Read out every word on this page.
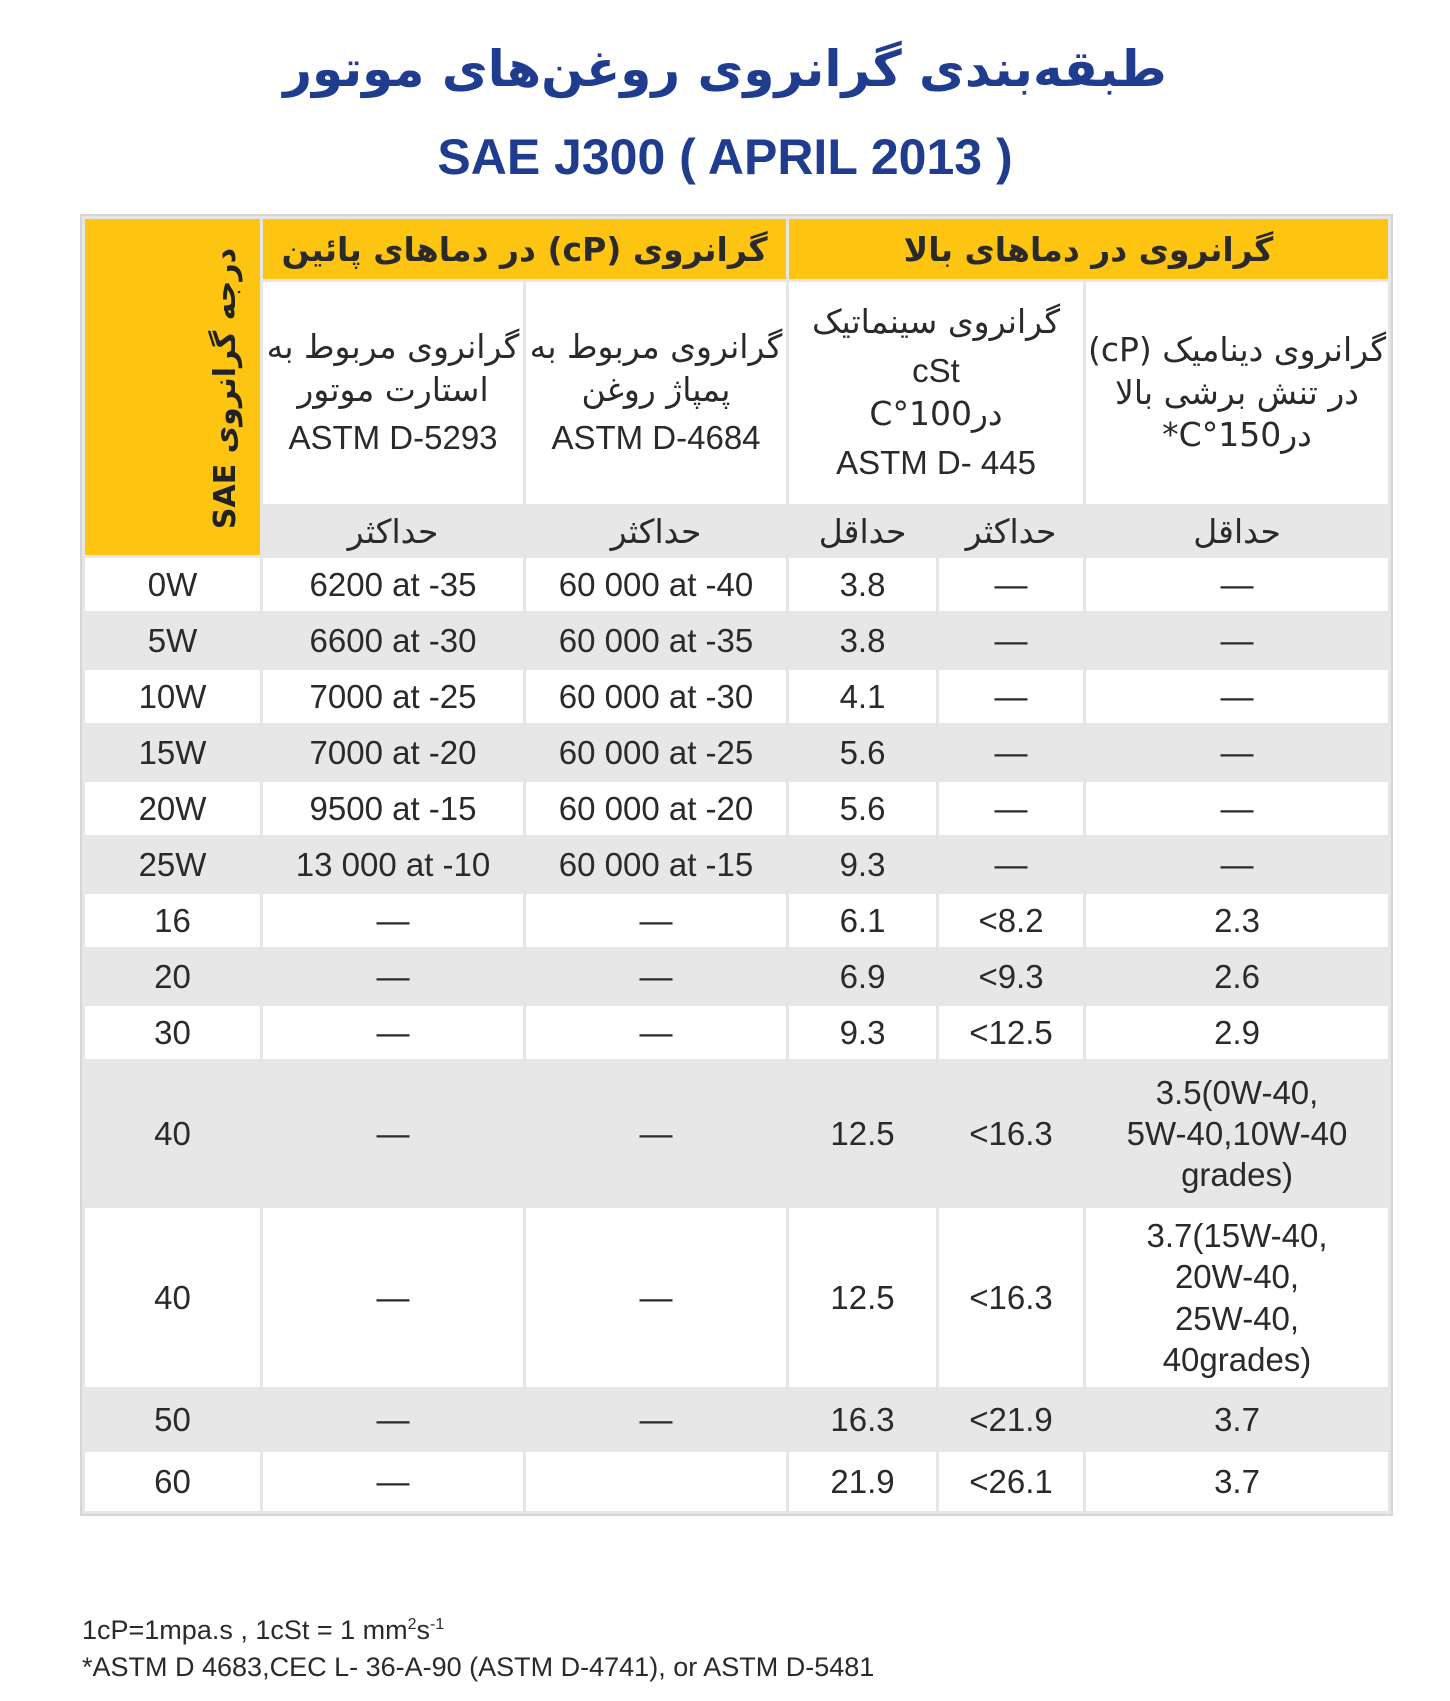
طبقه‌بندی گرانروی روغن‌های موتور
SAE J300 ( APRIL 2013 )
درجه گرانروی SAE	گرانروی (cP) در دماهای پائین		گرانروی در دماهای بالا		

	گرانروی مربوط به
استارت موتور
ASTM D-5293	گرانروی مربوط به
پمپاژ روغن
ASTM D-4684	گرانروی سینماتیک
cSt
در100°C
ASTM D- 445		گرانروی دینامیک (cP)
در تنش برشی بالا
در150°C*

	حداکثر	حداکثر	حداقل	حداکثر	حداقل
0W	6200 at -35	60 000 at -40	3.8	—	—
5W	6600 at -30	60 000 at -35	3.8	—	—
10W	7000 at -25	60 000 at -30	4.1	—	—
15W	7000 at -20	60 000 at -25	5.6	—	—
20W	9500 at -15	60 000 at -20	5.6	—	—
25W	13 000 at -10	60 000 at -15	9.3	—	—
16	—	—	6.1	<8.2	2.3
20	—	—	6.9	<9.3	2.6
30	—	—	9.3	<12.5	2.9
40	—	—	12.5	<16.3	3.5(0W-40,
5W-40,10W-40
grades)

40	—	—	12.5	<16.3	3.7(15W-40,
20W-40,
25W-40,
40grades)

50	—	—	16.3	<21.9	3.7
60	—		21.9	<26.1	3.7
1cP=1mpa.s , 1cSt = 1 $mm^2s^{-1}$
*ASTM D 4683,CEC L- 36-A-90 (ASTM D-4741), or ASTM D-5481
